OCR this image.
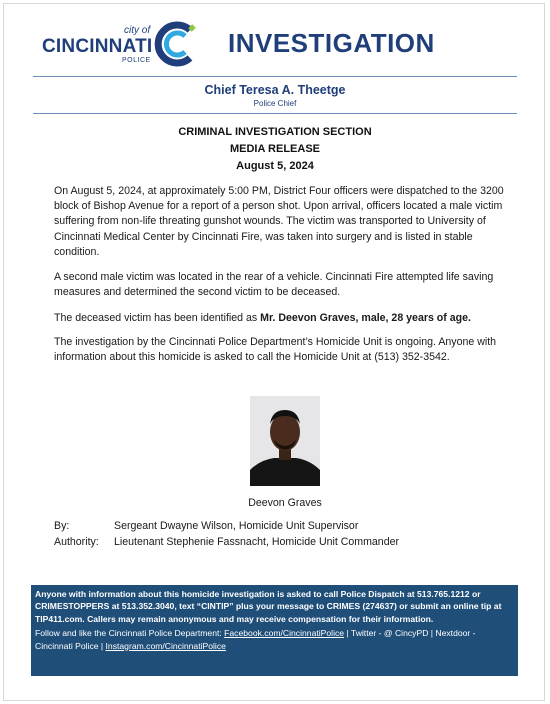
city of
CINCINNATI
POLICE
INVESTIGATION
Chief Teresa A. Theetge
Police Chief
CRIMINAL INVESTIGATION SECTION
MEDIA RELEASE
August 5, 2024

On August 5, 2024, at approximately 5:00 PM, District Four officers were dispatched to the 3200 block of Bishop Avenue for a report of a person shot. Upon arrival, officers located a male victim suffering from non-life threating gunshot wounds. The victim was transported to University of Cincinnati Medical Center by Cincinnati Fire, was taken into surgery and is listed in stable condition.

A second male victim was located in the rear of a vehicle. Cincinnati Fire attempted life saving measures and determined the second victim to be deceased.

The deceased victim has been identified as Mr. Deevon Graves, male, 28 years of age.

The investigation by the Cincinnati Police Department’s Homicide Unit is ongoing. Anyone with information about this homicide is asked to call the Homicide Unit at (513) 352-3542.

Deevon Graves
By:	Sergeant Dwayne Wilson, Homicide Unit Supervisor
Authority: Lieutenant Stephenie Fassnacht, Homicide Unit Commander
Anyone with information about this homicide investigation is asked to call Police Dispatch at 513.765.1212 or CRIMESTOPPERS at 513.352.3040, text “CINTIP” plus your message to CRIMES (274637) or submit an online tip at TIP411.com. Callers may remain anonymous and may receive compensation for their information.
Follow and like the Cincinnati Police Department: Facebook.com/CincinnatiPolice | Twitter - @ CincyPD | Nextdoor - Cincinnati Police | Instagram.com/CincinnatiPolice
